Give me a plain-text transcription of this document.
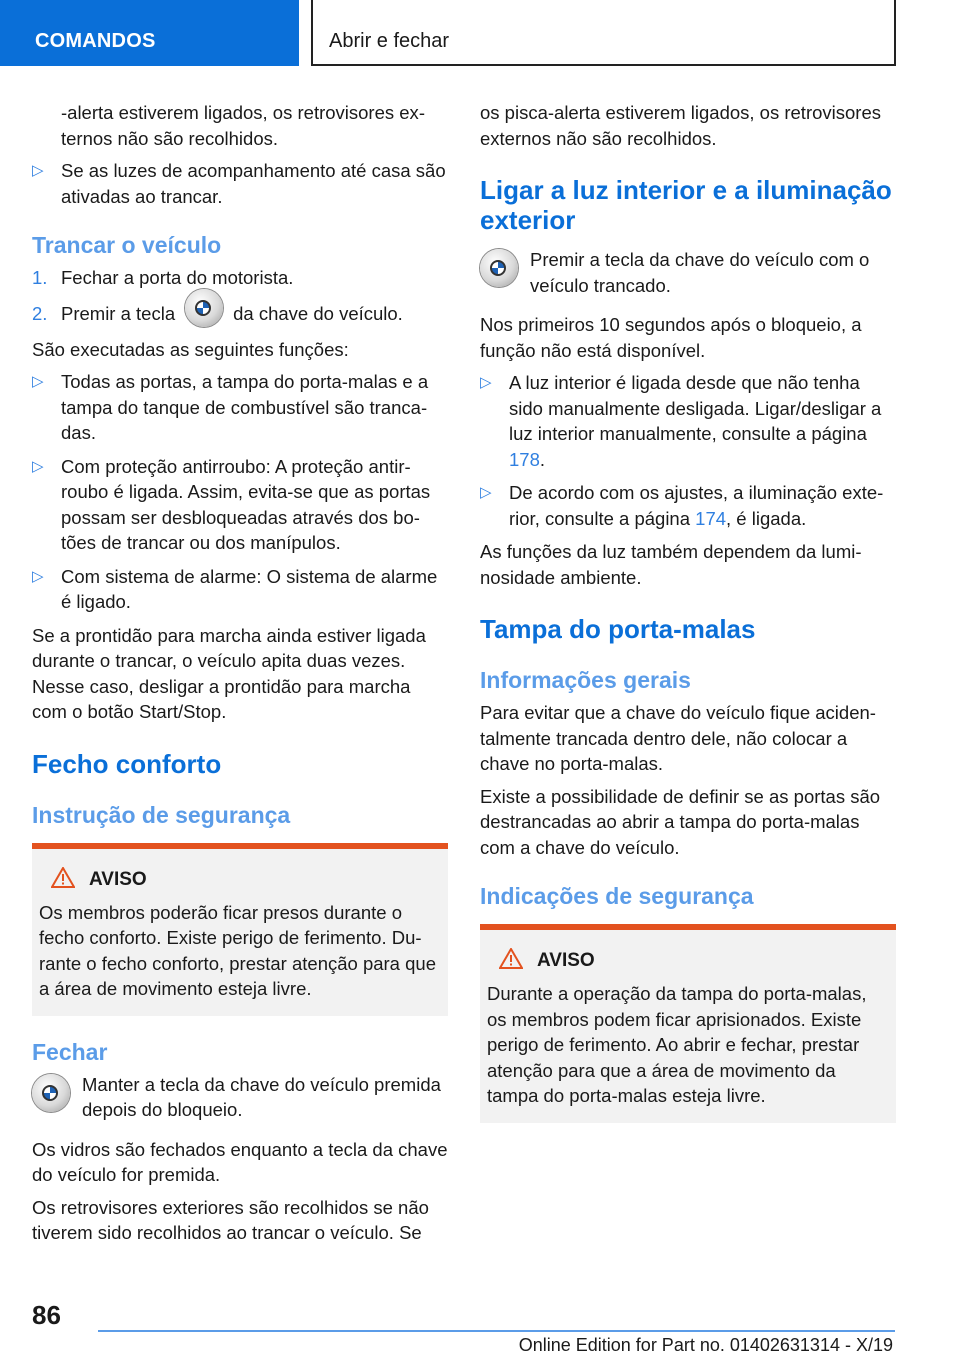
COMANDOS	Abrir e fechar

-alerta estiverem ligados, os retrovisores externos não são recolhidos.

▷ Se as luzes de acompanhamento até casa são ativadas ao trancar.
Trancar o veículo
1. Fechar a porta do motorista.
2. Premir a tecla	da chave do veículo.

São executadas as seguintes funções:

▷ Todas as portas, a tampa do porta-malas e a tampa do tanque de combustível são trancadas.
▷ Com proteção antirroubo: A proteção antirroubo é ligada. Assim, evita-se que as portas possam ser desbloqueadas através dos botões de trancar ou dos manípulos.
▷ Com sistema de alarme: O sistema de alarme é ligado.

Se a prontidão para marcha ainda estiver ligada durante o trancar, o veículo apita duas vezes. Nesse caso, desligar a prontidão para marcha com o botão Start/Stop.

Fecho conforto
Instrução de segurança
AVISO
Os membros poderão ficar presos durante o fecho conforto. Existe perigo de ferimento. Durante o fecho conforto, prestar atenção para que a área de movimento esteja livre.
Fechar
Manter a tecla da chave do veículo premida depois do bloqueio.

Os vidros são fechados enquanto a tecla da chave do veículo for premida.

Os retrovisores exteriores são recolhidos se não tiverem sido recolhidos ao trancar o veículo. Se

os pisca-alerta estiverem ligados, os retrovisores externos não são recolhidos.

Ligar a luz interior e a iluminação exterior
Premir a tecla da chave do veículo com o veículo trancado.

Nos primeiros 10 segundos após o bloqueio, a função não está disponível.

▷ A luz interior é ligada desde que não tenha sido manualmente desligada. Ligar/desligar a luz interior manualmente, consulte a página 178.
▷ De acordo com os ajustes, a iluminação exterior, consulte a página 174, é ligada.

As funções da luz também dependem da luminosidade ambiente.

Tampa do porta-malas
Informações gerais

Para evitar que a chave do veículo fique acidentalmente trancada dentro dele, não colocar a chave no porta-malas.

Existe a possibilidade de definir se as portas são destrancadas ao abrir a tampa do porta-malas com a chave do veículo.

Indicações de segurança
AVISO
Durante a operação da tampa do porta-malas, os membros podem ficar aprisionados. Existe perigo de ferimento. Ao abrir e fechar, prestar atenção para que a área de movimento da tampa do porta-malas esteja livre.
86
Online Edition for Part no. 01402631314 - X/19
